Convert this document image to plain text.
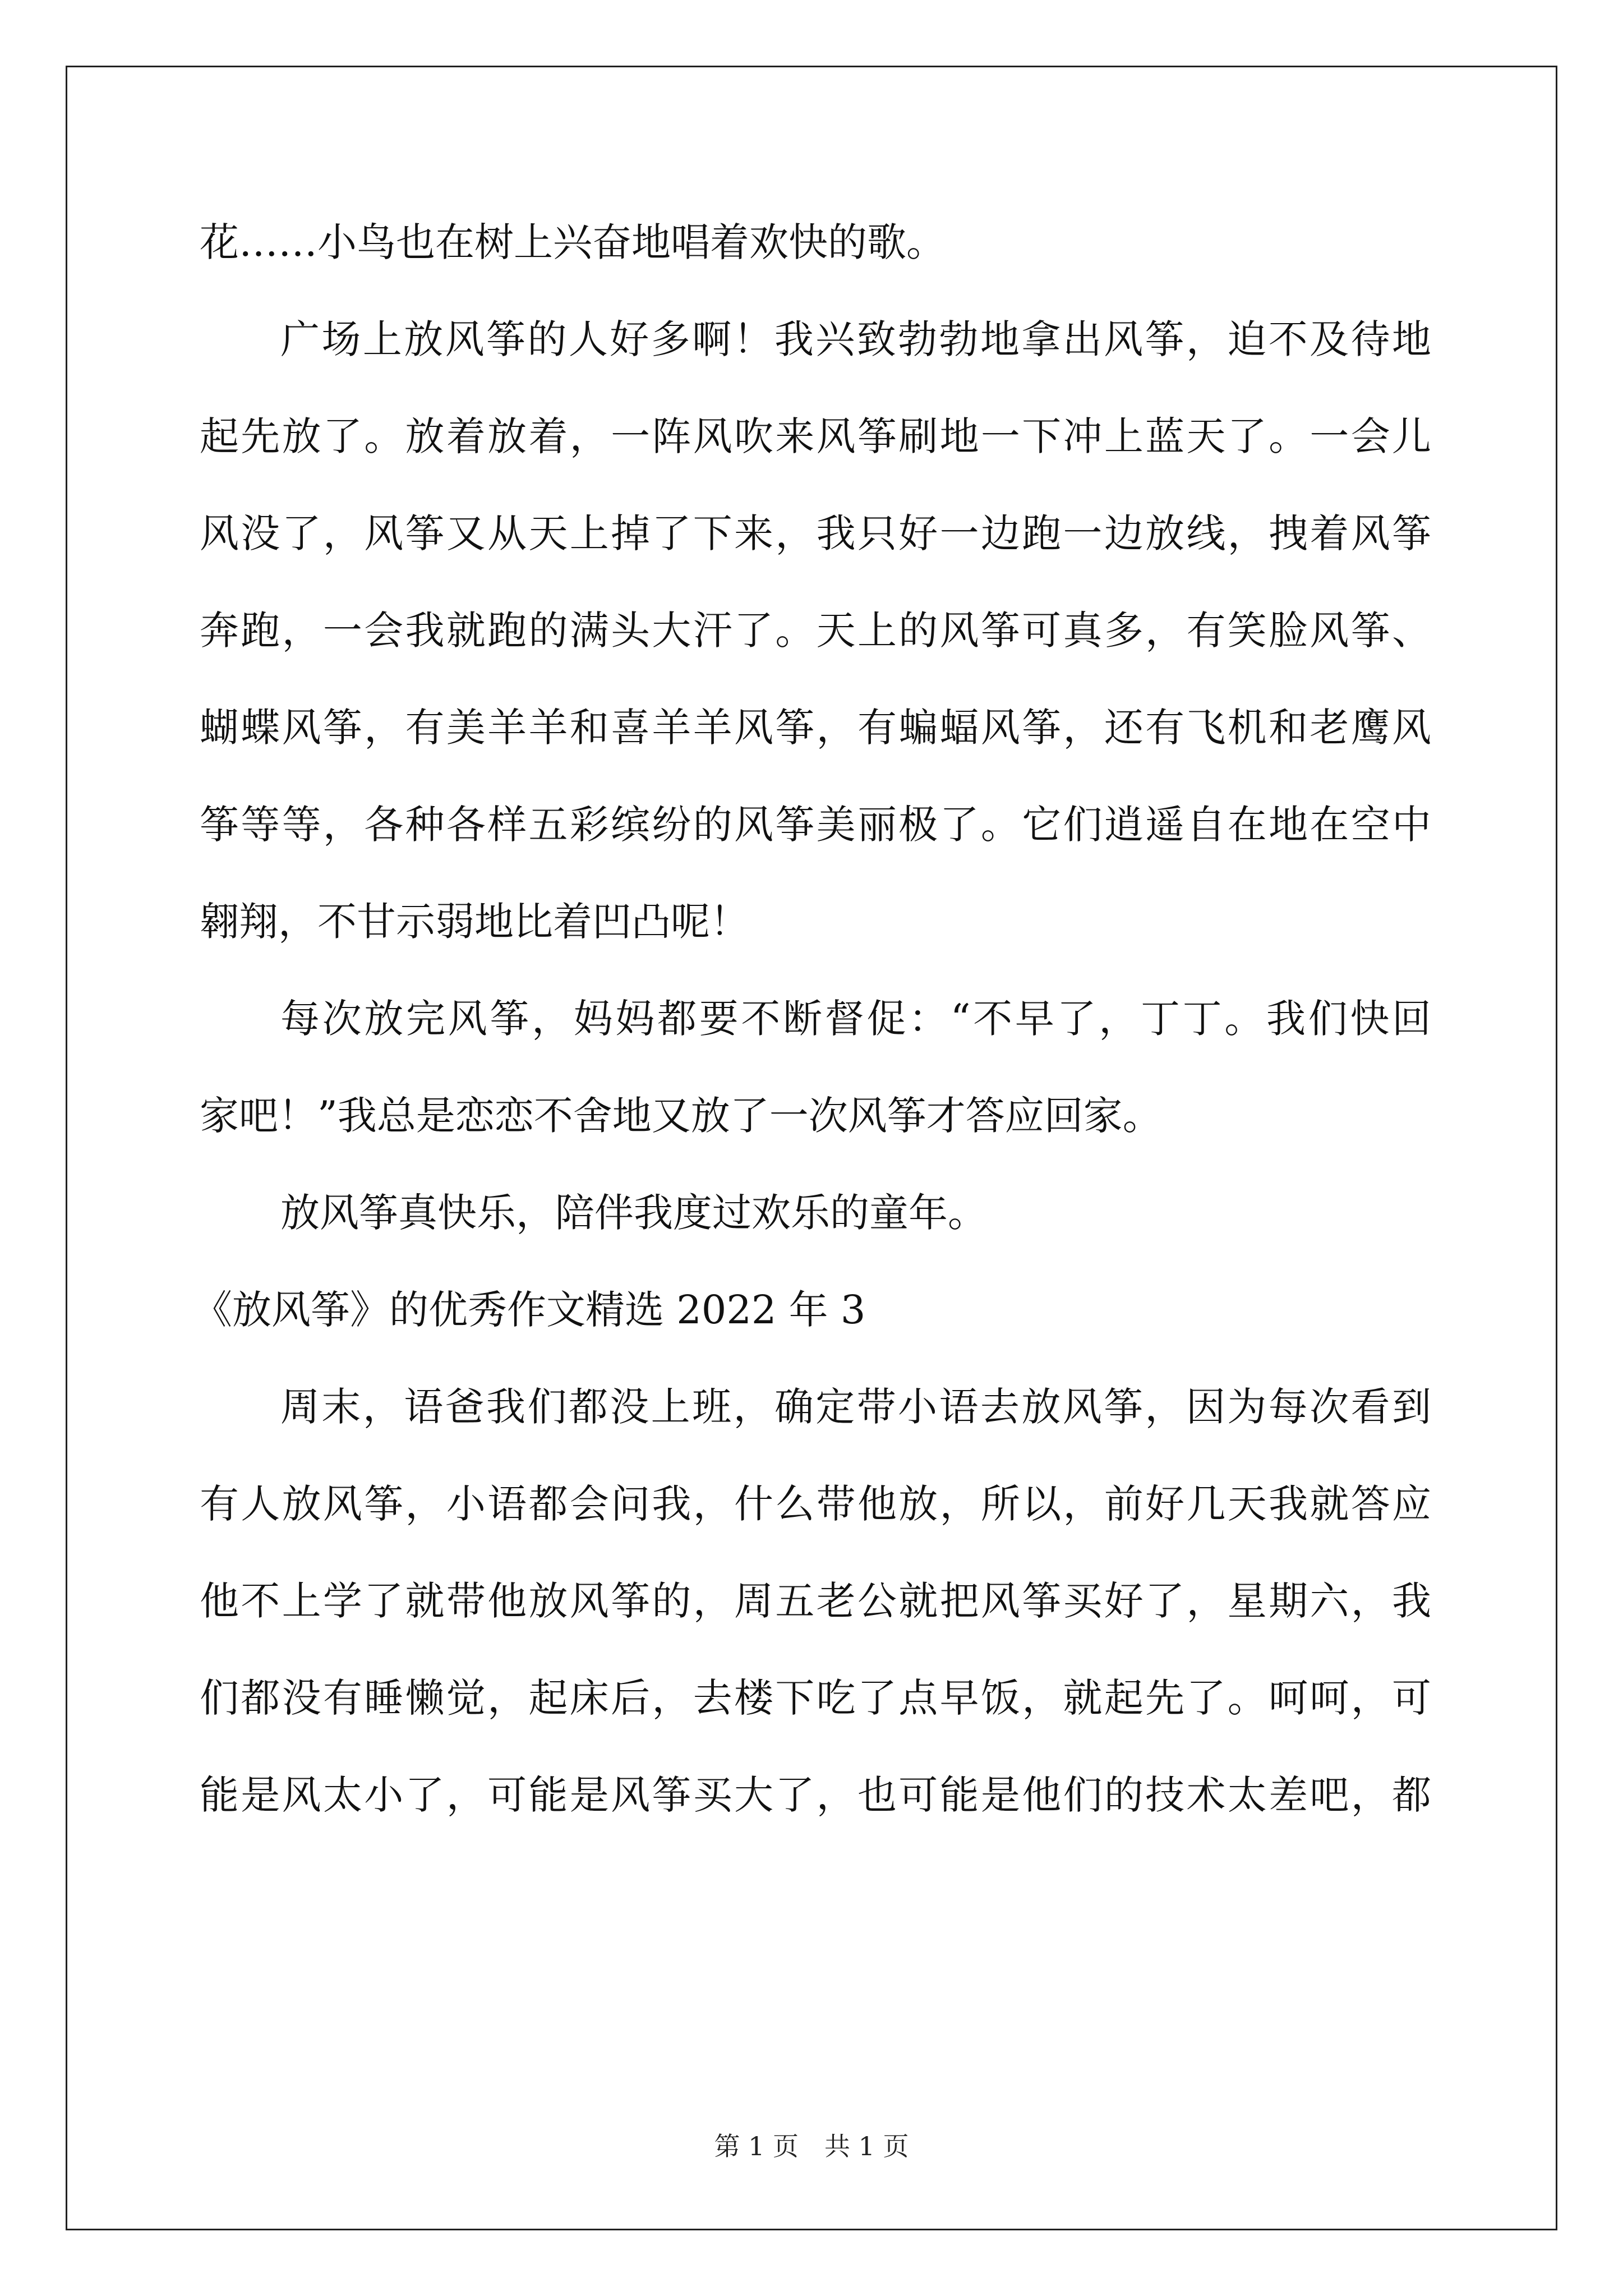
花……小鸟也在树上兴奋地唱着欢快的歌。
广场上放风筝的人好多啊！我兴致勃勃地拿出风筝，迫不及待地
起先放了。放着放着，一阵风吹来风筝刷地一下冲上蓝天了。一会儿
风没了，风筝又从天上掉了下来，我只好一边跑一边放线，拽着风筝
奔跑，一会我就跑的满头大汗了。天上的风筝可真多，有笑脸风筝、
蝴蝶风筝，有美羊羊和喜羊羊风筝，有蝙蝠风筝，还有飞机和老鹰风
筝等等，各种各样五彩缤纷的风筝美丽极了。它们逍遥自在地在空中
翱翔，不甘示弱地比着凹凸呢！
每次放完风筝，妈妈都要不断督促：“不早了，丁丁。我们快回
家吧！”我总是恋恋不舍地又放了一次风筝才答应回家。
放风筝真快乐，陪伴我度过欢乐的童年。
《放风筝》的优秀作文精选 2022 年 3
周末，语爸我们都没上班，确定带小语去放风筝，因为每次看到
有人放风筝，小语都会问我，什么带他放，所以，前好几天我就答应
他不上学了就带他放风筝的，周五老公就把风筝买好了，星期六，我
们都没有睡懒觉，起床后，去楼下吃了点早饭，就起先了。呵呵，可
能是风太小了，可能是风筝买大了，也可能是他们的技术太差吧，都
第 1 页　共 1 页
